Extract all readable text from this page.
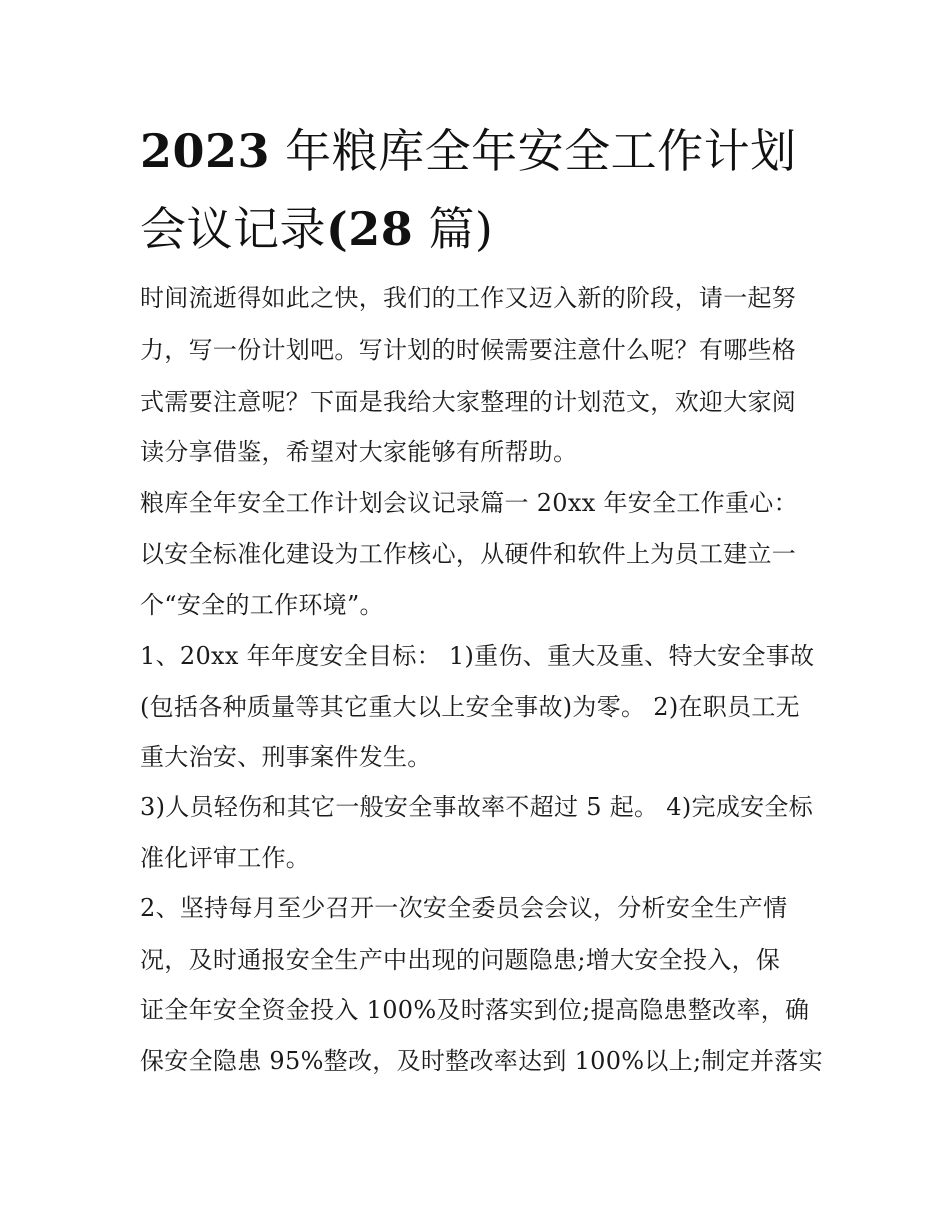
2023 年粮库全年安全工作计划
会议记录(28 篇)

时间流逝得如此之快，我们的工作又迈入新的阶段，请一起努

力，写一份计划吧。写计划的时候需要注意什么呢？有哪些格

式需要注意呢？下面是我给大家整理的计划范文，欢迎大家阅

读分享借鉴，希望对大家能够有所帮助。

粮库全年安全工作计划会议记录篇一 20xx 年安全工作重心：

以安全标准化建设为工作核心，从硬件和软件上为员工建立一

个“安全的工作环境”。

1、20xx 年年度安全目标： 1)重伤、重大及重、特大安全事故

(包括各种质量等其它重大以上安全事故)为零。 2)在职员工无

重大治安、刑事案件发生。

3)人员轻伤和其它一般安全事故率不超过 5 起。 4)完成安全标

准化评审工作。

2、坚持每月至少召开一次安全委员会会议，分析安全生产情

况，及时通报安全生产中出现的问题隐患;增大安全投入，保

证全年安全资金投入 100%及时落实到位;提高隐患整改率，确

保安全隐患 95%整改，及时整改率达到 100%以上;制定并落实
